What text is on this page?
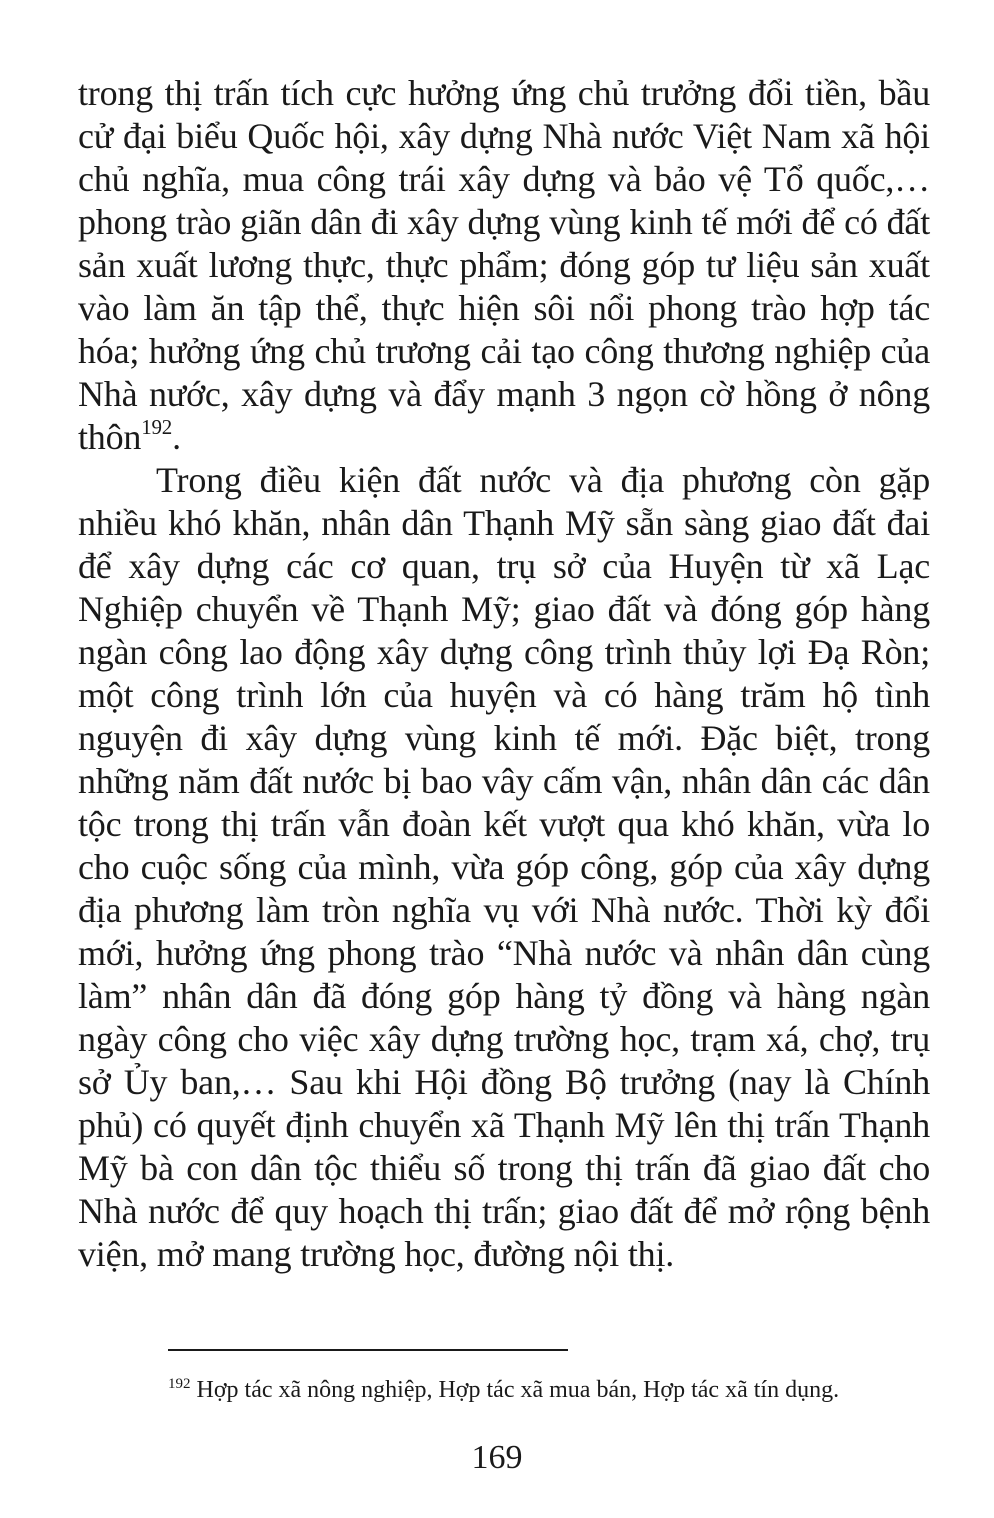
trong thị trấn tích cực hưởng ứng chủ trưởng đổi tiền, bầu cử đại biểu Quốc hội, xây dựng Nhà nước Việt Nam xã hội chủ nghĩa, mua công trái xây dựng và bảo vệ Tổ quốc,… phong trào giãn dân đi xây dựng vùng kinh tế mới để có đất sản xuất lương thực, thực phẩm; đóng góp tư liệu sản xuất vào làm ăn tập thể, thực hiện sôi nổi phong trào hợp tác hóa; hưởng ứng chủ trương cải tạo công thương nghiệp của Nhà nước, xây dựng và đẩy mạnh 3 ngọn cờ hồng ở nông thôn$^{192}$.

Trong điều kiện đất nước và địa phương còn gặp nhiều khó khăn, nhân dân Thạnh Mỹ sẵn sàng giao đất đai để xây dựng các cơ quan, trụ sở của Huyện từ xã Lạc Nghiệp chuyển về Thạnh Mỹ; giao đất và đóng góp hàng ngàn công lao động xây dựng công trình thủy lợi Đạ Ròn; một công trình lớn của huyện và có hàng trăm hộ tình nguyện đi xây dựng vùng kinh tế mới. Đặc biệt, trong những năm đất nước bị bao vây cấm vận, nhân dân các dân tộc trong thị trấn vẫn đoàn kết vượt qua khó khăn, vừa lo cho cuộc sống của mình, vừa góp công, góp của xây dựng địa phương làm tròn nghĩa vụ với Nhà nước. Thời kỳ đổi mới, hưởng ứng phong trào “Nhà nước và nhân dân cùng làm” nhân dân đã đóng góp hàng tỷ đồng và hàng ngàn ngày công cho việc xây dựng trường học, trạm xá, chợ, trụ sở Ủy ban,… Sau khi Hội đồng Bộ trưởng (nay là Chính phủ) có quyết định chuyển xã Thạnh Mỹ lên thị trấn Thạnh Mỹ bà con dân tộc thiểu số trong thị trấn đã giao đất cho Nhà nước để quy hoạch thị trấn; giao đất để mở rộng bệnh viện, mở mang trường học, đường nội thị.

$^{192}$ Hợp tác xã nông nghiệp, Hợp tác xã mua bán, Hợp tác xã tín dụng.
169
